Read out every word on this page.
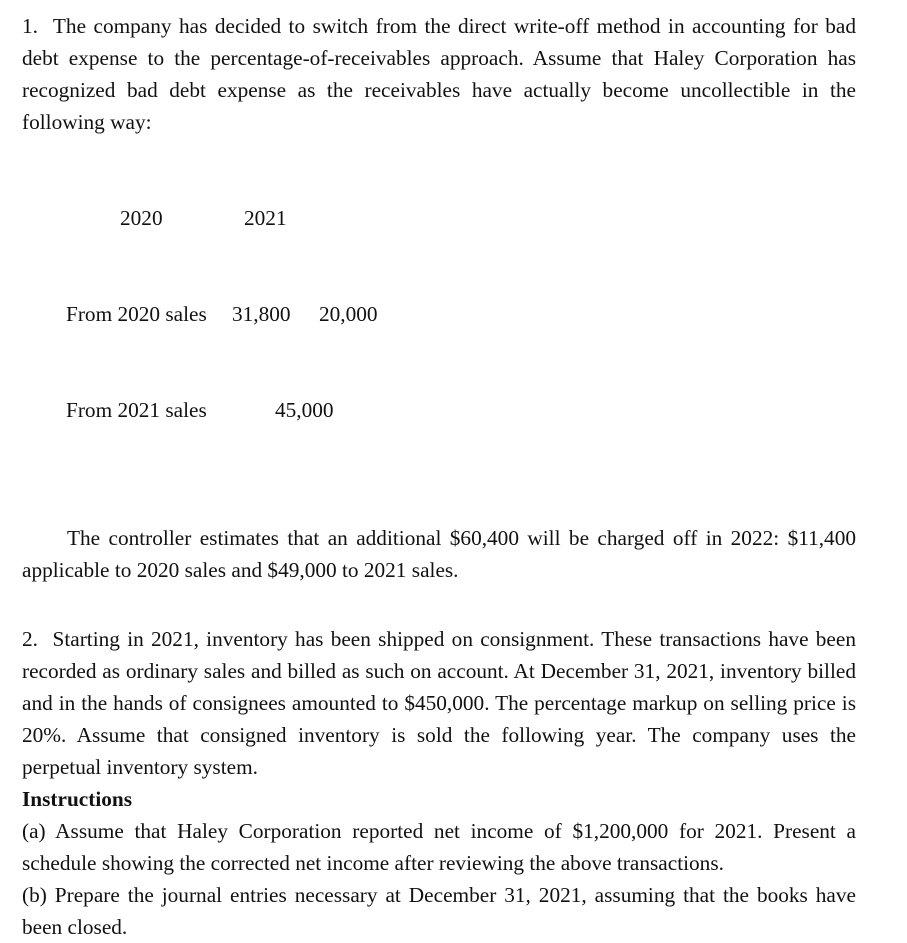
1. The company has decided to switch from the direct write-off method in accounting for bad debt expense to the percentage-of-receivables approach. Assume that Haley Corporation has recognized bad debt expense as the receivables have actually become uncollectible in the following way:

2020

	2021

From 2020 sales

31,800

20,000

From 2021 sales

	45,000

The controller estimates that an additional $60,400 will be charged off in 2022: $11,400 applicable to 2020 sales and $49,000 to 2021 sales.

2. Starting in 2021, inventory has been shipped on consignment. These transactions have been recorded as ordinary sales and billed as such on account. At December 31, 2021, inventory billed and in the hands of consignees amounted to $450,000. The percentage markup on selling price is 20%. Assume that consigned inventory is sold the following year. The company uses the perpetual inventory system.

Instructions

(a) Assume that Haley Corporation reported net income of $1,200,000 for 2021. Present a schedule showing the corrected net income after reviewing the above transactions.

(b) Prepare the journal entries necessary at December 31, 2021, assuming that the books have been closed.
